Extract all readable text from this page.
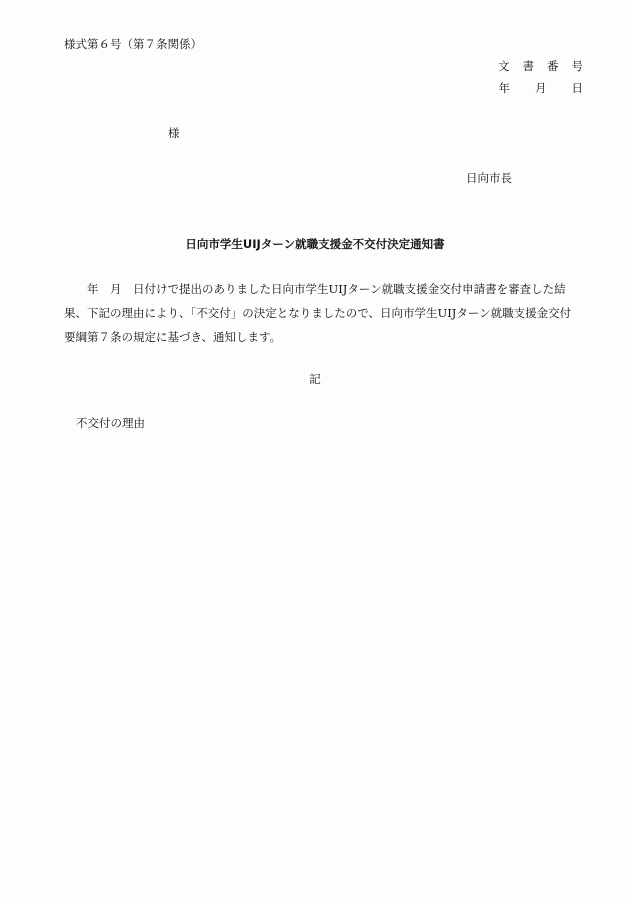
様式第６号（第７条関係）
文 書 番 号
年 月 日
様
日向市長
日向市学生UIJターン就職支援金不交付決定通知書
　　年　月　日付けで提出のありました日向市学生UIJターン就職支援金交付申請書を審査した結
果、下記の理由により、「不交付」の決定となりましたので、日向市学生UIJターン就職支援金交付
要綱第７条の規定に基づき、通知します。
記
不交付の理由
